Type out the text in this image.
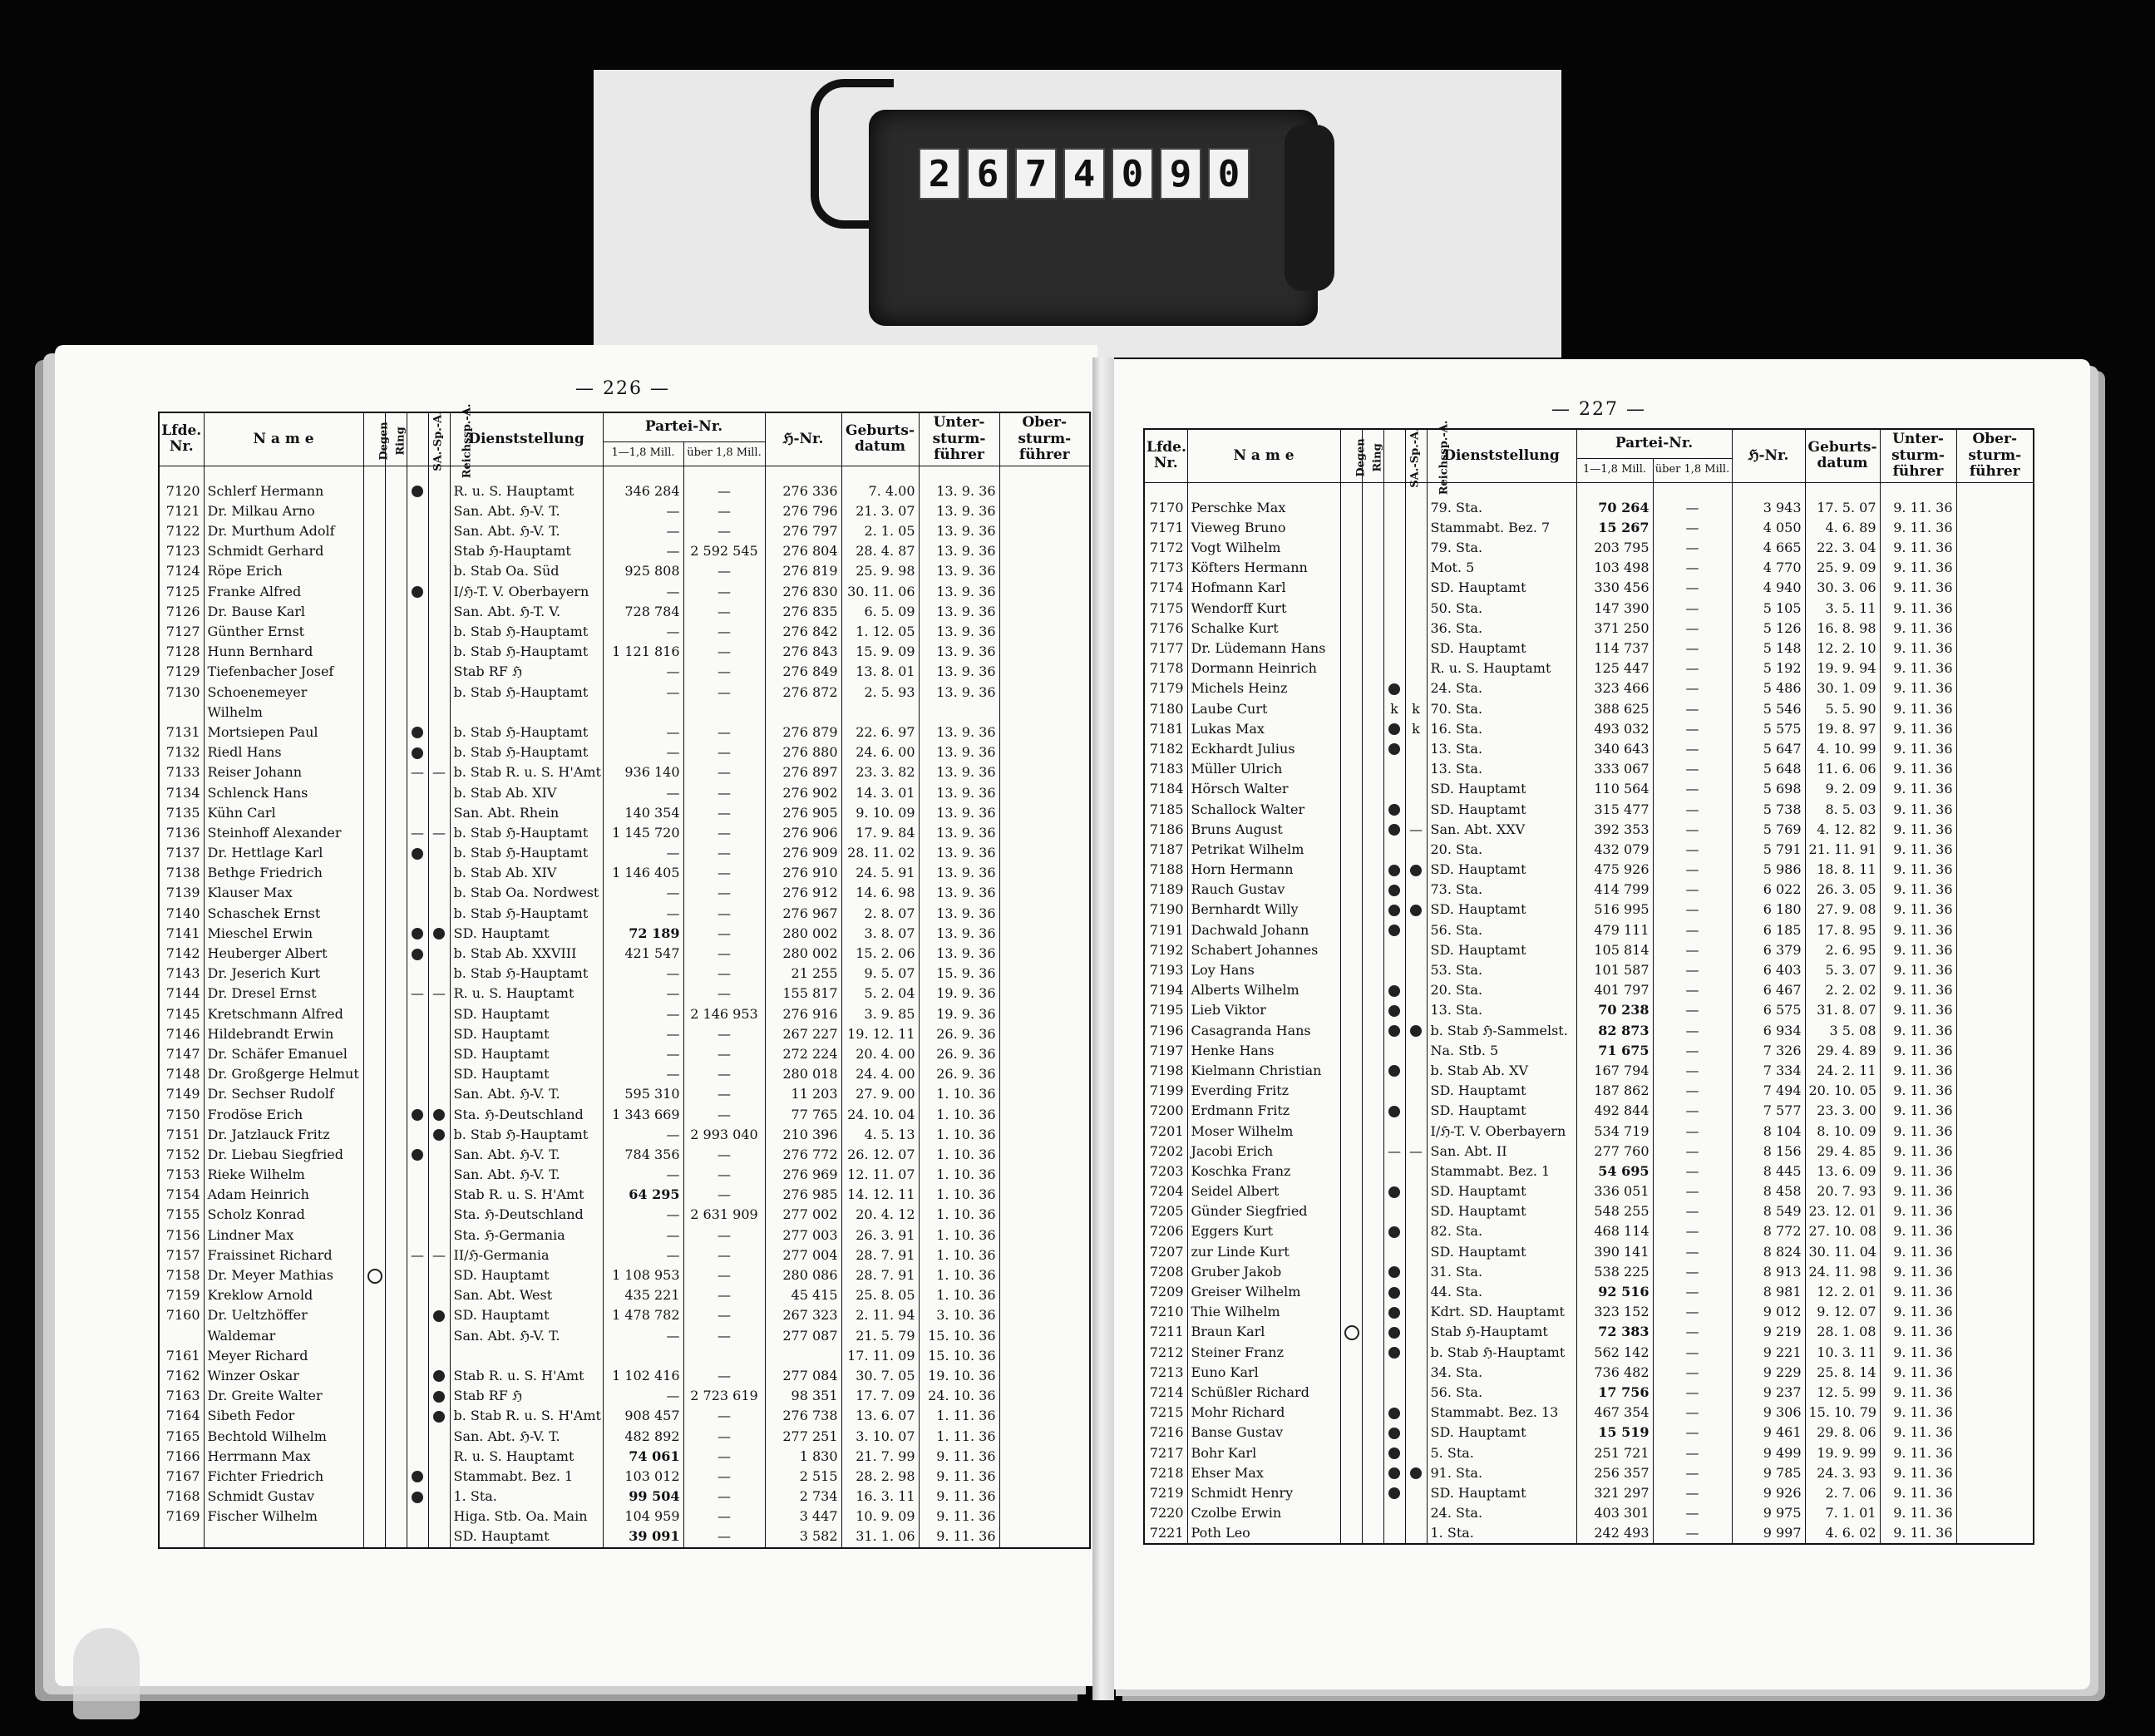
2 6 7 4 0 9 0
— 226 —
— 227 —
Lfde. Nr.	N a m e	Degen	Ring	SA.-Sp.-A.	Reichssp.-A.	Dienststellung	Partei-Nr.		ℌ-Nr.	Geburtsdatum	Untersturmführer	Obersturmführer
							1—1,8 Mill.	über 1,8 Mill.				

7120	Schlerf Hermann					R. u. S. Hauptamt	346 284	—	276 336	7. 4.00	13. 9. 36	
7121	Dr. Milkau Arno					San. Abt. ℌ-V. T.	—	—	276 796	21. 3. 07	13. 9. 36	
7122	Dr. Murthum Adolf					San. Abt. ℌ-V. T.	—	—	276 797	2. 1. 05	13. 9. 36	
7123	Schmidt Gerhard					Stab ℌ-Hauptamt	—	2 592 545	276 804	28. 4. 87	13. 9. 36	
7124	Röpe Erich					b. Stab Oa. Süd	925 808	—	276 819	25. 9. 98	13. 9. 36	
7125	Franke Alfred					I/ℌ-T. V. Oberbayern	—	—	276 830	30. 11. 06	13. 9. 36	
7126	Dr. Bause Karl					San. Abt. ℌ-T. V.	728 784	—	276 835	6. 5. 09	13. 9. 36	
7127	Günther Ernst					b. Stab ℌ-Hauptamt	—	—	276 842	1. 12. 05	13. 9. 36	
7128	Hunn Bernhard					b. Stab ℌ-Hauptamt	1 121 816	—	276 843	15. 9. 09	13. 9. 36	
7129	Tiefenbacher Josef					Stab RF ℌ	—	—	276 849	13. 8. 01	13. 9. 36	
7130	Schoenemeyer					b. Stab ℌ-Hauptamt	—	—	276 872	2. 5. 93	13. 9. 36	
	Wilhelm											
7131	Mortsiepen Paul					b. Stab ℌ-Hauptamt	—	—	276 879	22. 6. 97	13. 9. 36	
7132	Riedl Hans					b. Stab ℌ-Hauptamt	—	—	276 880	24. 6. 00	13. 9. 36	
7133	Reiser Johann			—	—	b. Stab R. u. S. H'Amt	936 140	—	276 897	23. 3. 82	13. 9. 36	
7134	Schlenck Hans					b. Stab Ab. XIV	—	—	276 902	14. 3. 01	13. 9. 36	
7135	Kühn Carl					San. Abt. Rhein	140 354	—	276 905	9. 10. 09	13. 9. 36	
7136	Steinhoff Alexander			—	—	b. Stab ℌ-Hauptamt	1 145 720	—	276 906	17. 9. 84	13. 9. 36	
7137	Dr. Hettlage Karl					b. Stab ℌ-Hauptamt	—	—	276 909	28. 11. 02	13. 9. 36	
7138	Bethge Friedrich					b. Stab Ab. XIV	1 146 405	—	276 910	24. 5. 91	13. 9. 36	
7139	Klauser Max					b. Stab Oa. Nordwest	—	—	276 912	14. 6. 98	13. 9. 36	
7140	Schaschek Ernst					b. Stab ℌ-Hauptamt	—	—	276 967	2. 8. 07	13. 9. 36	
7141	Mieschel Erwin					SD. Hauptamt	72 189	—	280 002	3. 8. 07	13. 9. 36	
7142	Heuberger Albert					b. Stab Ab. XXVIII	421 547	—	280 002	15. 2. 06	13. 9. 36	
7143	Dr. Jeserich Kurt					b. Stab ℌ-Hauptamt	—	—	21 255	9. 5. 07	15. 9. 36	
7144	Dr. Dresel Ernst			—	—	R. u. S. Hauptamt	—	—	155 817	5. 2. 04	19. 9. 36	
7145	Kretschmann Alfred					SD. Hauptamt	—	2 146 953	276 916	3. 9. 85	19. 9. 36	
7146	Hildebrandt Erwin					SD. Hauptamt	—	—	267 227	19. 12. 11	26. 9. 36	
7147	Dr. Schäfer Emanuel					SD. Hauptamt	—	—	272 224	20. 4. 00	26. 9. 36	
7148	Dr. Großgerge Helmut					SD. Hauptamt	—	—	280 018	24. 4. 00	26. 9. 36	
7149	Dr. Sechser Rudolf					San. Abt. ℌ-V. T.	595 310	—	11 203	27. 9. 00	1. 10. 36	
7150	Frodöse Erich					Sta. ℌ-Deutschland	1 343 669	—	77 765	24. 10. 04	1. 10. 36	
7151	Dr. Jatzlauck Fritz					b. Stab ℌ-Hauptamt	—	2 993 040	210 396	4. 5. 13	1. 10. 36	
7152	Dr. Liebau Siegfried					San. Abt. ℌ-V. T.	784 356	—	276 772	26. 12. 07	1. 10. 36	
7153	Rieke Wilhelm					San. Abt. ℌ-V. T.	—	—	276 969	12. 11. 07	1. 10. 36	
7154	Adam Heinrich					Stab R. u. S. H'Amt	64 295	—	276 985	14. 12. 11	1. 10. 36	
7155	Scholz Konrad					Sta. ℌ-Deutschland	—	2 631 909	277 002	20. 4. 12	1. 10. 36	
7156	Lindner Max					Sta. ℌ-Germania	—	—	277 003	26. 3. 91	1. 10. 36	
7157	Fraissinet Richard			—	—	II/ℌ-Germania	—	—	277 004	28. 7. 91	1. 10. 36	
7158	Dr. Meyer Mathias					SD. Hauptamt	1 108 953	—	280 086	28. 7. 91	1. 10. 36	
7159	Kreklow Arnold					San. Abt. West	435 221	—	45 415	25. 8. 05	1. 10. 36	
7160	Dr. Ueltzhöffer					SD. Hauptamt	1 478 782	—	267 323	2. 11. 94	3. 10. 36	
	Waldemar					San. Abt. ℌ-V. T.	—	—	277 087	21. 5. 79	15. 10. 36	
7161	Meyer Richard									17. 11. 09	15. 10. 36	
7162	Winzer Oskar					Stab R. u. S. H'Amt	1 102 416	—	277 084	30. 7. 05	19. 10. 36	
7163	Dr. Greite Walter					Stab RF ℌ	—	2 723 619	98 351	17. 7. 09	24. 10. 36	
7164	Sibeth Fedor					b. Stab R. u. S. H'Amt	908 457	—	276 738	13. 6. 07	1. 11. 36	
7165	Bechtold Wilhelm					San. Abt. ℌ-V. T.	482 892	—	277 251	3. 10. 07	1. 11. 36	
7166	Herrmann Max					R. u. S. Hauptamt	74 061	—	1 830	21. 7. 99	9. 11. 36	
7167	Fichter Friedrich					Stammabt. Bez. 1	103 012	—	2 515	28. 2. 98	9. 11. 36	
7168	Schmidt Gustav					1. Sta.	99 504	—	2 734	16. 3. 11	9. 11. 36	
7169	Fischer Wilhelm					Higa. Stb. Oa. Main	104 959	—	3 447	10. 9. 09	9. 11. 36	
						SD. Hauptamt	39 091	—	3 582	31. 1. 06	9. 11. 36	
Lfde. Nr.	N a m e	Degen	Ring	SA.-Sp.-A.	Reichssp.-A.	Dienststellung	Partei-Nr.		ℌ-Nr.	Geburtsdatum	Untersturmführer	Obersturmführer
							1—1,8 Mill.	über 1,8 Mill.				

7170	Perschke Max					79. Sta.	70 264	—	3 943	17. 5. 07	9. 11. 36	
7171	Vieweg Bruno					Stammabt. Bez. 7	15 267	—	4 050	4. 6. 89	9. 11. 36	
7172	Vogt Wilhelm					79. Sta.	203 795	—	4 665	22. 3. 04	9. 11. 36	
7173	Köfters Hermann					Mot. 5	103 498	—	4 770	25. 9. 09	9. 11. 36	
7174	Hofmann Karl					SD. Hauptamt	330 456	—	4 940	30. 3. 06	9. 11. 36	
7175	Wendorff Kurt					50. Sta.	147 390	—	5 105	3. 5. 11	9. 11. 36	
7176	Schalke Kurt					36. Sta.	371 250	—	5 126	16. 8. 98	9. 11. 36	
7177	Dr. Lüdemann Hans					SD. Hauptamt	114 737	—	5 148	12. 2. 10	9. 11. 36	
7178	Dormann Heinrich					R. u. S. Hauptamt	125 447	—	5 192	19. 9. 94	9. 11. 36	
7179	Michels Heinz					24. Sta.	323 466	—	5 486	30. 1. 09	9. 11. 36	
7180	Laube Curt			k	k	70. Sta.	388 625	—	5 546	5. 5. 90	9. 11. 36	
7181	Lukas Max				k	16. Sta.	493 032	—	5 575	19. 8. 97	9. 11. 36	
7182	Eckhardt Julius					13. Sta.	340 643	—	5 647	4. 10. 99	9. 11. 36	
7183	Müller Ulrich					13. Sta.	333 067	—	5 648	11. 6. 06	9. 11. 36	
7184	Hörsch Walter					SD. Hauptamt	110 564	—	5 698	9. 2. 09	9. 11. 36	
7185	Schallock Walter					SD. Hauptamt	315 477	—	5 738	8. 5. 03	9. 11. 36	
7186	Bruns August				—	San. Abt. XXV	392 353	—	5 769	4. 12. 82	9. 11. 36	
7187	Petrikat Wilhelm					20. Sta.	432 079	—	5 791	21. 11. 91	9. 11. 36	
7188	Horn Hermann					SD. Hauptamt	475 926	—	5 986	18. 8. 11	9. 11. 36	
7189	Rauch Gustav					73. Sta.	414 799	—	6 022	26. 3. 05	9. 11. 36	
7190	Bernhardt Willy					SD. Hauptamt	516 995	—	6 180	27. 9. 08	9. 11. 36	
7191	Dachwald Johann					56. Sta.	479 111	—	6 185	17. 8. 95	9. 11. 36	
7192	Schabert Johannes					SD. Hauptamt	105 814	—	6 379	2. 6. 95	9. 11. 36	
7193	Loy Hans					53. Sta.	101 587	—	6 403	5. 3. 07	9. 11. 36	
7194	Alberts Wilhelm					20. Sta.	401 797	—	6 467	2. 2. 02	9. 11. 36	
7195	Lieb Viktor					13. Sta.	70 238	—	6 575	31. 8. 07	9. 11. 36	
7196	Casagranda Hans					b. Stab ℌ-Sammelst.	82 873	—	6 934	3 5. 08	9. 11. 36	
7197	Henke Hans					Na. Stb. 5	71 675	—	7 326	29. 4. 89	9. 11. 36	
7198	Kielmann Christian					b. Stab Ab. XV	167 794	—	7 334	24. 2. 11	9. 11. 36	
7199	Everding Fritz					SD. Hauptamt	187 862	—	7 494	20. 10. 05	9. 11. 36	
7200	Erdmann Fritz					SD. Hauptamt	492 844	—	7 577	23. 3. 00	9. 11. 36	
7201	Moser Wilhelm					I/ℌ-T. V. Oberbayern	534 719	—	8 104	8. 10. 09	9. 11. 36	
7202	Jacobi Erich			—	—	San. Abt. II	277 760	—	8 156	29. 4. 85	9. 11. 36	
7203	Koschka Franz					Stammabt. Bez. 1	54 695	—	8 445	13. 6. 09	9. 11. 36	
7204	Seidel Albert					SD. Hauptamt	336 051	—	8 458	20. 7. 93	9. 11. 36	
7205	Günder Siegfried					SD. Hauptamt	548 255	—	8 549	23. 12. 01	9. 11. 36	
7206	Eggers Kurt					82. Sta.	468 114	—	8 772	27. 10. 08	9. 11. 36	
7207	zur Linde Kurt					SD. Hauptamt	390 141	—	8 824	30. 11. 04	9. 11. 36	
7208	Gruber Jakob					31. Sta.	538 225	—	8 913	24. 11. 98	9. 11. 36	
7209	Greiser Wilhelm					44. Sta.	92 516	—	8 981	12. 2. 01	9. 11. 36	
7210	Thie Wilhelm					Kdrt. SD. Hauptamt	323 152	—	9 012	9. 12. 07	9. 11. 36	
7211	Braun Karl					Stab ℌ-Hauptamt	72 383	—	9 219	28. 1. 08	9. 11. 36	
7212	Steiner Franz					b. Stab ℌ-Hauptamt	562 142	—	9 221	10. 3. 11	9. 11. 36	
7213	Euno Karl					34. Sta.	736 482	—	9 229	25. 8. 14	9. 11. 36	
7214	Schüßler Richard					56. Sta.	17 756	—	9 237	12. 5. 99	9. 11. 36	
7215	Mohr Richard					Stammabt. Bez. 13	467 354	—	9 306	15. 10. 79	9. 11. 36	
7216	Banse Gustav					SD. Hauptamt	15 519	—	9 461	29. 8. 06	9. 11. 36	
7217	Bohr Karl					5. Sta.	251 721	—	9 499	19. 9. 99	9. 11. 36	
7218	Ehser Max					91. Sta.	256 357	—	9 785	24. 3. 93	9. 11. 36	
7219	Schmidt Henry					SD. Hauptamt	321 297	—	9 926	2. 7. 06	9. 11. 36	
7220	Czolbe Erwin					24. Sta.	403 301	—	9 975	7. 1. 01	9. 11. 36	
7221	Poth Leo					1. Sta.	242 493	—	9 997	4. 6. 02	9. 11. 36	
